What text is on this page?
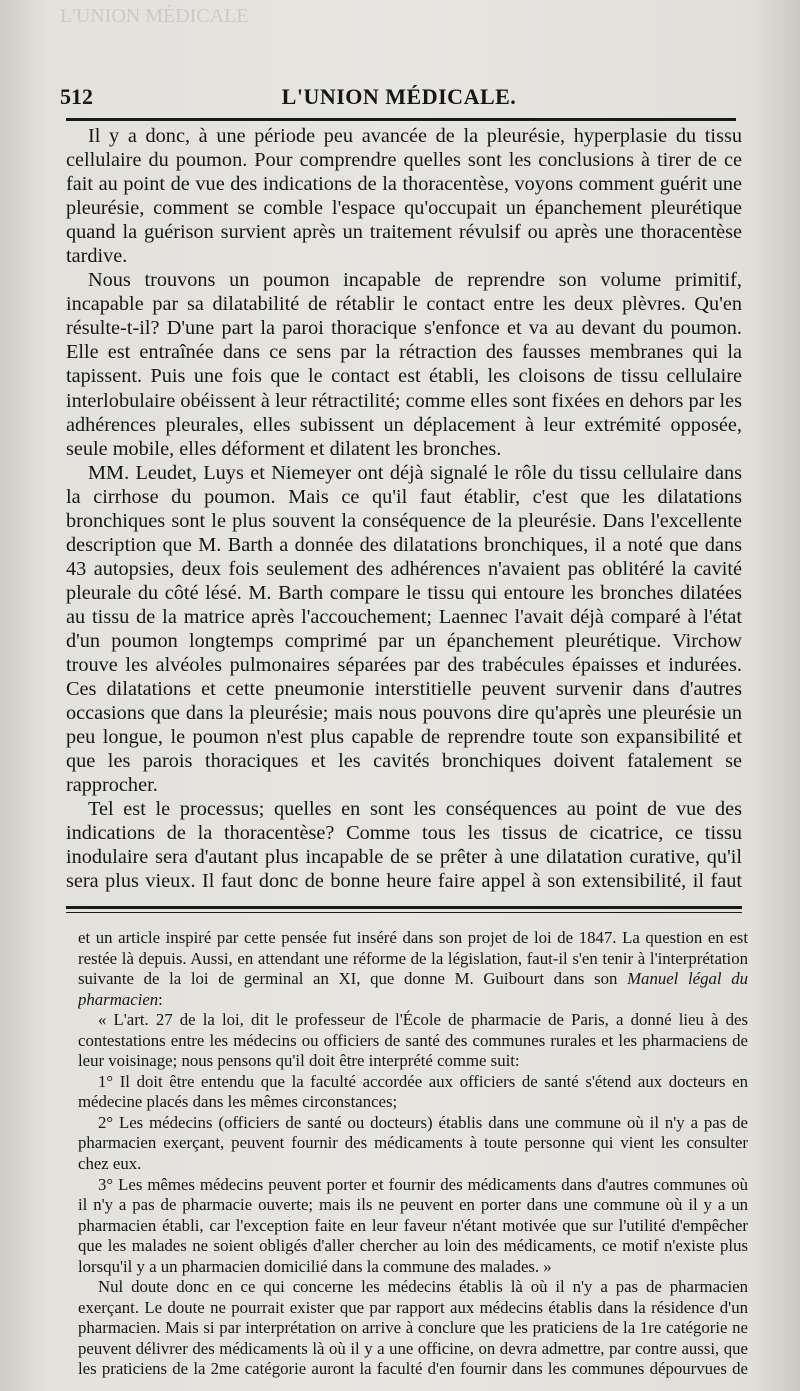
L'UNION MÉDICALE
512	L'UNION MÉDICALE.

Il y a donc, à une période peu avancée de la pleurésie, hyperplasie du tissu cellulaire du poumon. Pour comprendre quelles sont les conclusions à tirer de ce fait au point de vue des indications de la thoracentèse, voyons comment guérit une pleurésie, comment se comble l'espace qu'occupait un épanchement pleurétique quand la guérison survient après un traitement révulsif ou après une thoracentèse tardive.

Nous trouvons un poumon incapable de reprendre son volume primitif, incapable par sa dilatabilité de rétablir le contact entre les deux plèvres. Qu'en résulte-t-il? D'une part la paroi thoracique s'enfonce et va au devant du poumon. Elle est entraînée dans ce sens par la rétraction des fausses membranes qui la tapissent. Puis une fois que le contact est établi, les cloisons de tissu cellulaire interlobulaire obéissent à leur rétractilité; comme elles sont fixées en dehors par les adhérences pleurales, elles subissent un déplacement à leur extrémité opposée, seule mobile, elles déforment et dilatent les bronches.

MM. Leudet, Luys et Niemeyer ont déjà signalé le rôle du tissu cellulaire dans la cirrhose du poumon. Mais ce qu'il faut établir, c'est que les dilatations bronchiques sont le plus souvent la conséquence de la pleurésie. Dans l'excellente description que M. Barth a donnée des dilatations bronchiques, il a noté que dans 43 autopsies, deux fois seulement des adhérences n'avaient pas oblitéré la cavité pleurale du côté lésé. M. Barth compare le tissu qui entoure les bronches dilatées au tissu de la matrice après l'accouchement; Laennec l'avait déjà comparé à l'état d'un poumon longtemps comprimé par un épanchement pleurétique. Virchow trouve les alvéoles pulmonaires séparées par des trabécules épaisses et indurées. Ces dilatations et cette pneumonie interstitielle peuvent survenir dans d'autres occasions que dans la pleurésie; mais nous pouvons dire qu'après une pleurésie un peu longue, le poumon n'est plus capable de reprendre toute son expansibilité et que les parois thoraciques et les cavités bronchiques doivent fatalement se rapprocher.

Tel est le processus; quelles en sont les conséquences au point de vue des indications de la thoracentèse? Comme tous les tissus de cicatrice, ce tissu inodulaire sera d'autant plus incapable de se prêter à une dilatation curative, qu'il sera plus vieux. Il faut donc de bonne heure faire appel à son extensibilité, il faut

et un article inspiré par cette pensée fut inséré dans son projet de loi de 1847. La question en est restée là depuis. Aussi, en attendant une réforme de la législation, faut-il s'en tenir à l'interprétation suivante de la loi de germinal an XI, que donne M. Guibourt dans son Manuel légal du pharmacien:

« L'art. 27 de la loi, dit le professeur de l'École de pharmacie de Paris, a donné lieu à des contestations entre les médecins ou officiers de santé des communes rurales et les pharmaciens de leur voisinage; nous pensons qu'il doit être interprété comme suit:

1° Il doit être entendu que la faculté accordée aux officiers de santé s'étend aux docteurs en médecine placés dans les mêmes circonstances;

2° Les médecins (officiers de santé ou docteurs) établis dans une commune où il n'y a pas de pharmacien exerçant, peuvent fournir des médicaments à toute personne qui vient les consulter chez eux.

3° Les mêmes médecins peuvent porter et fournir des médicaments dans d'autres communes où il n'y a pas de pharmacie ouverte; mais ils ne peuvent en porter dans une commune où il y a un pharmacien établi, car l'exception faite en leur faveur n'étant motivée que sur l'utilité d'empêcher que les malades ne soient obligés d'aller chercher au loin des médicaments, ce motif n'existe plus lorsqu'il y a un pharmacien domicilié dans la commune des malades. »

Nul doute donc en ce qui concerne les médecins établis là où il n'y a pas de pharmacien exerçant. Le doute ne pourrait exister que par rapport aux médecins établis dans la résidence d'un pharmacien. Mais si par interprétation on arrive à conclure que les praticiens de la 1re catégorie ne peuvent délivrer des médicaments là où il y a une officine, on devra admettre, par contre aussi, que les praticiens de la 2me catégorie auront la faculté d'en fournir dans les communes dépourvues de
